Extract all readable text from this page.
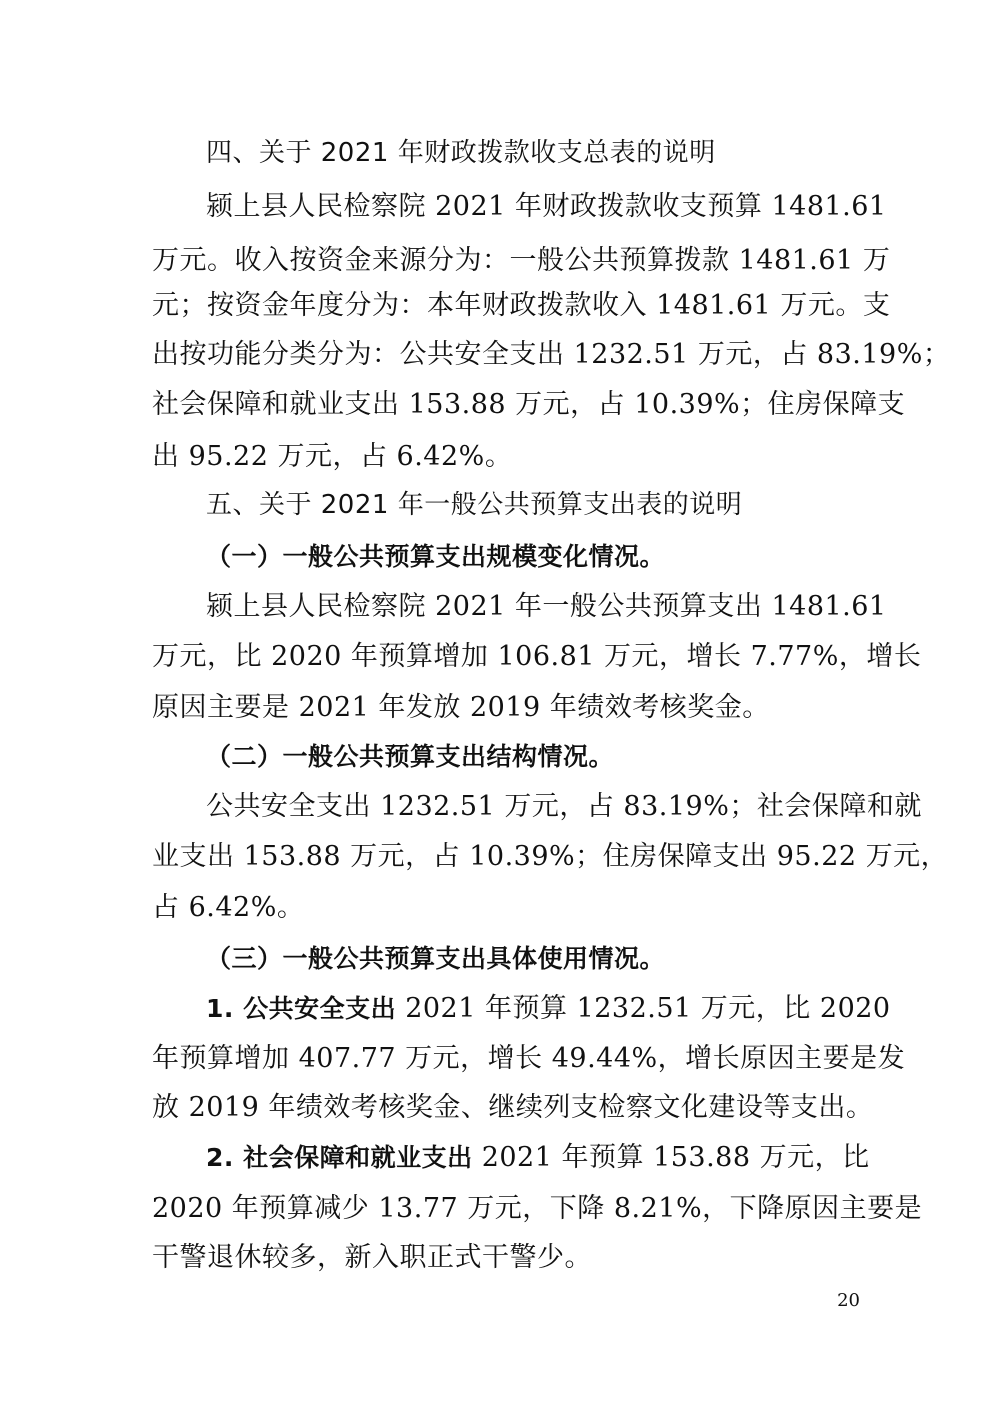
四、关于 2021 年财政拨款收支总表的说明

颍上县人民检察院 2021 年财政拨款收支预算 1481.61

万元。收入按资金来源分为：一般公共预算拨款 1481.61 万

元；按资金年度分为：本年财政拨款收入 1481.61 万元。支

出按功能分类分为：公共安全支出 1232.51 万元，占 83.19%；

社会保障和就业支出 153.88 万元，占 10.39%；住房保障支

出 95.22 万元，占 6.42%。

五、关于 2021 年一般公共预算支出表的说明

（一）一般公共预算支出规模变化情况。

颍上县人民检察院 2021 年一般公共预算支出 1481.61

万元，比 2020 年预算增加 106.81 万元，增长 7.77%，增长

原因主要是 2021 年发放 2019 年绩效考核奖金。

（二）一般公共预算支出结构情况。

公共安全支出 1232.51 万元，占 83.19%；社会保障和就

业支出 153.88 万元，占 10.39%；住房保障支出 95.22 万元，

占 6.42%。

（三）一般公共预算支出具体使用情况。

1. 公共安全支出 2021 年预算 1232.51 万元，比 2020

年预算增加 407.77 万元，增长 49.44%，增长原因主要是发

放 2019 年绩效考核奖金、继续列支检察文化建设等支出。

2. 社会保障和就业支出 2021 年预算 153.88 万元，比

2020 年预算减少 13.77 万元，下降 8.21%，下降原因主要是

干警退休较多，新入职正式干警少。

20
